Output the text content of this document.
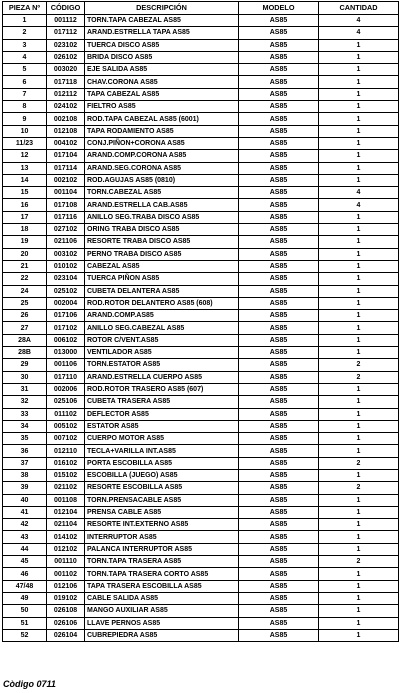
PIEZA Nº	CÓDIGO	DESCRIPCIÓN	MODELO	CANTIDAD
1	001112	TORN.TAPA CABEZAL AS85	AS85	4
2	017112	ARAND.ESTRELLA TAPA AS85	AS85	4
3	023102	TUERCA DISCO AS85	AS85	1
4	026102	BRIDA DISCO AS85	AS85	1
5	003020	EJE SALIDA AS85	AS85	1
6	017118	CHAV.CORONA AS85	AS85	1
7	012112	TAPA CABEZAL AS85	AS85	1
8	024102	FIELTRO AS85	AS85	1
9	002108	ROD.TAPA CABEZAL AS85 (6001)	AS85	1
10	012108	TAPA RODAMIENTO AS85	AS85	1
11/23	004102	CONJ.PIÑON+CORONA AS85	AS85	1
12	017104	ARAND.COMP.CORONA AS85	AS85	1
13	017114	ARAND.SEG.CORONA AS85	AS85	1
14	002102	ROD.AGUJAS AS85 (0810)	AS85	1
15	001104	TORN.CABEZAL AS85	AS85	4
16	017108	ARAND.ESTRELLA CAB.AS85	AS85	4
17	017116	ANILLO SEG.TRABA DISCO AS85	AS85	1
18	027102	ORING TRABA DISCO AS85	AS85	1
19	021106	RESORTE TRABA DISCO AS85	AS85	1
20	003102	PERNO TRABA DISCO AS85	AS85	1
21	010102	CABEZAL AS85	AS85	1
22	023104	TUERCA PIÑON AS85	AS85	1
24	025102	CUBETA DELANTERA AS85	AS85	1
25	002004	ROD.ROTOR DELANTERO AS85 (608)	AS85	1
26	017106	ARAND.COMP.AS85	AS85	1
27	017102	ANILLO SEG.CABEZAL AS85	AS85	1
28A	006102	ROTOR C/VENT.AS85	AS85	1
28B	013000	VENTILADOR AS85	AS85	1
29	001106	TORN.ESTATOR AS85	AS85	2
30	017110	ARAND.ESTRELLA CUERPO AS85	AS85	2
31	002006	ROD.ROTOR TRASERO AS85 (607)	AS85	1
32	025106	CUBETA TRASERA AS85	AS85	1
33	011102	DEFLECTOR AS85	AS85	1
34	005102	ESTATOR AS85	AS85	1
35	007102	CUERPO MOTOR AS85	AS85	1
36	012110	TECLA+VARILLA INT.AS85	AS85	1
37	016102	PORTA ESCOBILLA AS85	AS85	2
38	015102	ESCOBILLA (JUEGO) AS85	AS85	1
39	021102	RESORTE ESCOBILLA AS85	AS85	2
40	001108	TORN.PRENSACABLE AS85	AS85	1
41	012104	PRENSA CABLE AS85	AS85	1
42	021104	RESORTE INT.EXTERNO AS85	AS85	1
43	014102	INTERRUPTOR AS85	AS85	1
44	012102	PALANCA INTERRUPTOR AS85	AS85	1
45	001110	TORN.TAPA TRASERA AS85	AS85	2
46	001102	TORN.TAPA TRASERA CORTO AS85	AS85	1
47/48	012106	TAPA TRASERA ESCOBILLA AS85	AS85	1
49	019102	CABLE SALIDA AS85	AS85	1
50	026108	MANGO AUXILIAR AS85	AS85	1
51	026106	LLAVE PERNOS AS85	AS85	1
52	026104	CUBREPIEDRA AS85	AS85	1
Còdigo 0711
